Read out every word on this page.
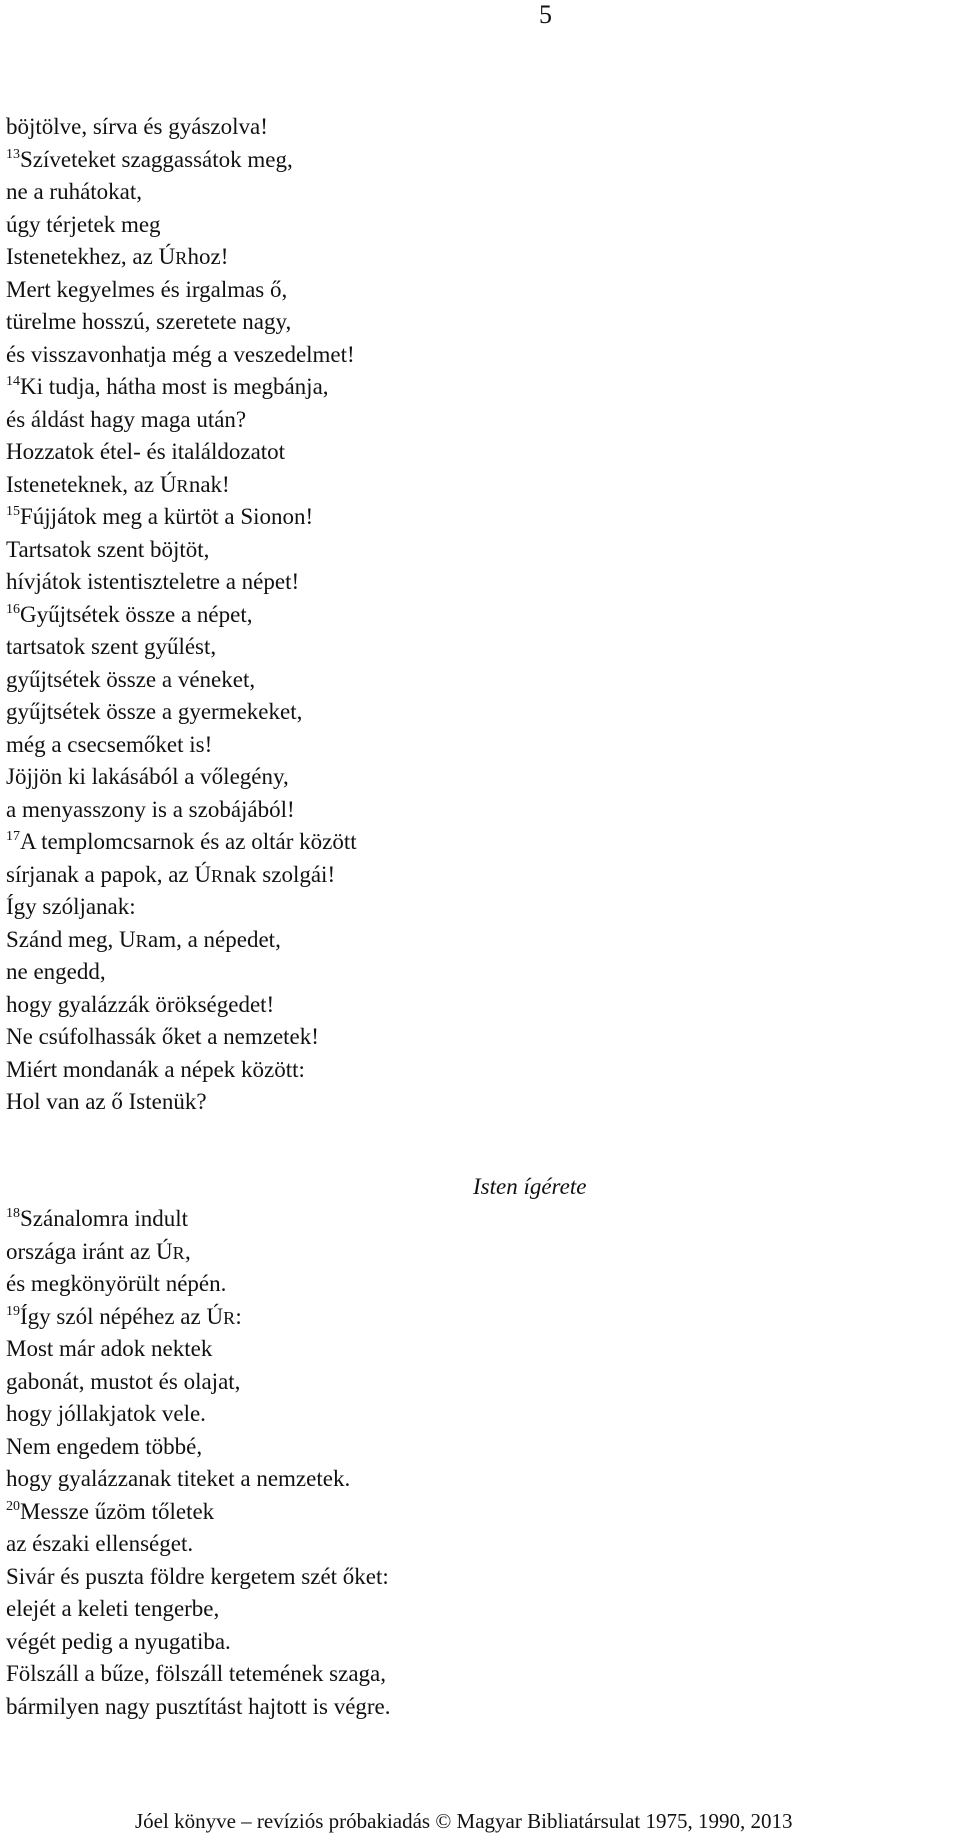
5
böjtölve, sírva és gyászolva!
$^{13}$Szíveteket szaggassátok meg,
ne a ruhátokat,
úgy térjetek meg
Istenetekhez, az ÚRhoz!
Mert kegyelmes és irgalmas ő,
türelme hosszú, szeretete nagy,
és visszavonhatja még a veszedelmet!
$^{14}$Ki tudja, hátha most is megbánja,
és áldást hagy maga után?
Hozzatok étel- és italáldozatot
Isteneteknek, az ÚRnak!
$^{15}$Fújjátok meg a kürtöt a Sionon!
Tartsatok szent böjtöt,
hívjátok istentiszteletre a népet!
$^{16}$Gyűjtsétek össze a népet,
tartsatok szent gyűlést,
gyűjtsétek össze a véneket,
gyűjtsétek össze a gyermekeket,
még a csecsemőket is!
Jöjjön ki lakásából a vőlegény,
a menyasszony is a szobájából!
$^{17}$A templomcsarnok és az oltár között
sírjanak a papok, az ÚRnak szolgái!
Így szóljanak:
Szánd meg, URam, a népedet,
ne engedd,
hogy gyalázzák örökségedet!
Ne csúfolhassák őket a nemzetek!
Miért mondanák a népek között:
Hol van az ő Istenük?
Isten ígérete
$^{18}$Szánalomra indult
országa iránt az ÚR,
és megkönyörült népén.
$^{19}$Így szól népéhez az ÚR:
Most már adok nektek
gabonát, mustot és olajat,
hogy jóllakjatok vele.
Nem engedem többé,
hogy gyalázzanak titeket a nemzetek.
$^{20}$Messze űzöm tőletek
az északi ellenséget.
Sivár és puszta földre kergetem szét őket:
elejét a keleti tengerbe,
végét pedig a nyugatiba.
Fölszáll a bűze, fölszáll tetemének szaga,
bármilyen nagy pusztítást hajtott is végre.
Jóel könyve – revíziós próbakiadás © Magyar Bibliatársulat 1975, 1990, 2013
